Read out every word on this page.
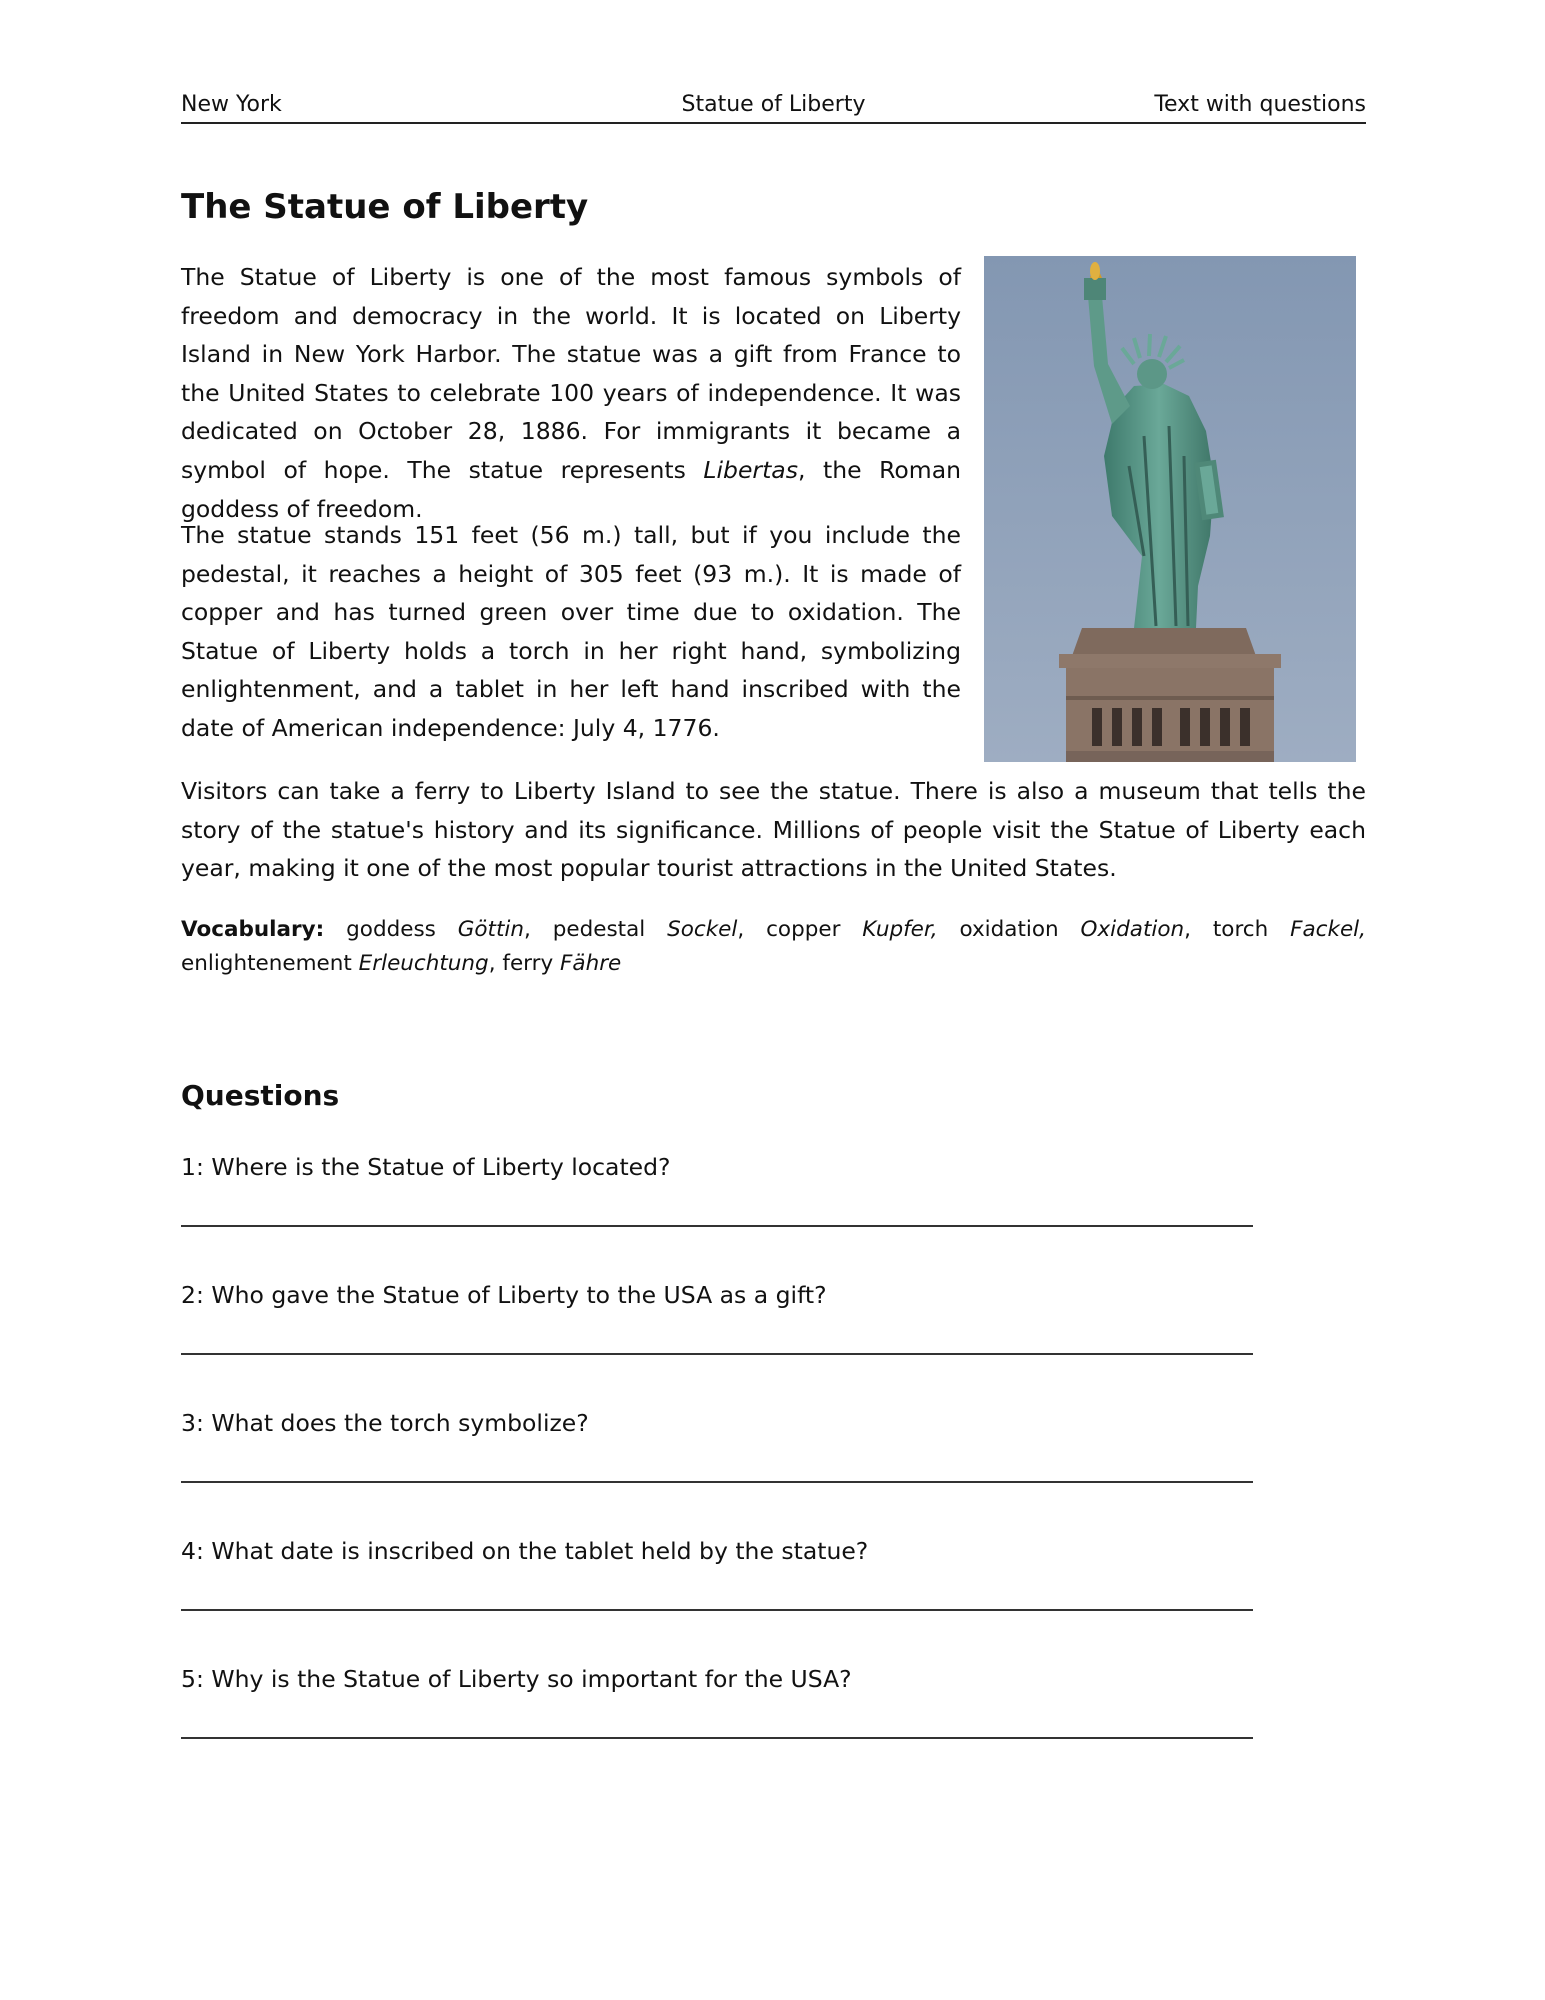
New York	Statue of Liberty	Text with questions
The Statue of Liberty

The Statue of Liberty is one of the most famous symbols of freedom and democracy in the world. It is located on Liberty Island in New York Harbor. The statue was a gift from France to the United States to celebrate 100 years of independence. It was dedicated on October 28, 1886. For immigrants it became a symbol of hope. The statue represents Libertas, the Roman goddess of freedom.

The statue stands 151 feet (56 m.) tall, but if you include the pedestal, it reaches a height of 305 feet (93 m.). It is made of copper and has turned green over time due to oxidation. The Statue of Liberty holds a torch in her right hand, symbolizing enlightenment, and a tablet in her left hand inscribed with the date of American independence: July 4, 1776.

Visitors can take a ferry to Liberty Island to see the statue. There is also a museum that tells the story of the statue's history and its significance. Millions of people visit the Statue of Liberty each year, making it one of the most popular tourist attractions in the United States.

Vocabulary: goddess Göttin, pedestal Sockel, copper Kupfer, oxidation Oxidation, torch Fackel, enlightenement Erleuchtung, ferry Fähre

Questions

1: Where is the Statue of Liberty located?

2: Who gave the Statue of Liberty to the USA as a gift?

3: What does the torch symbolize?

4: What date is inscribed on the tablet held by the statue?

5: Why is the Statue of Liberty so important for the USA?
